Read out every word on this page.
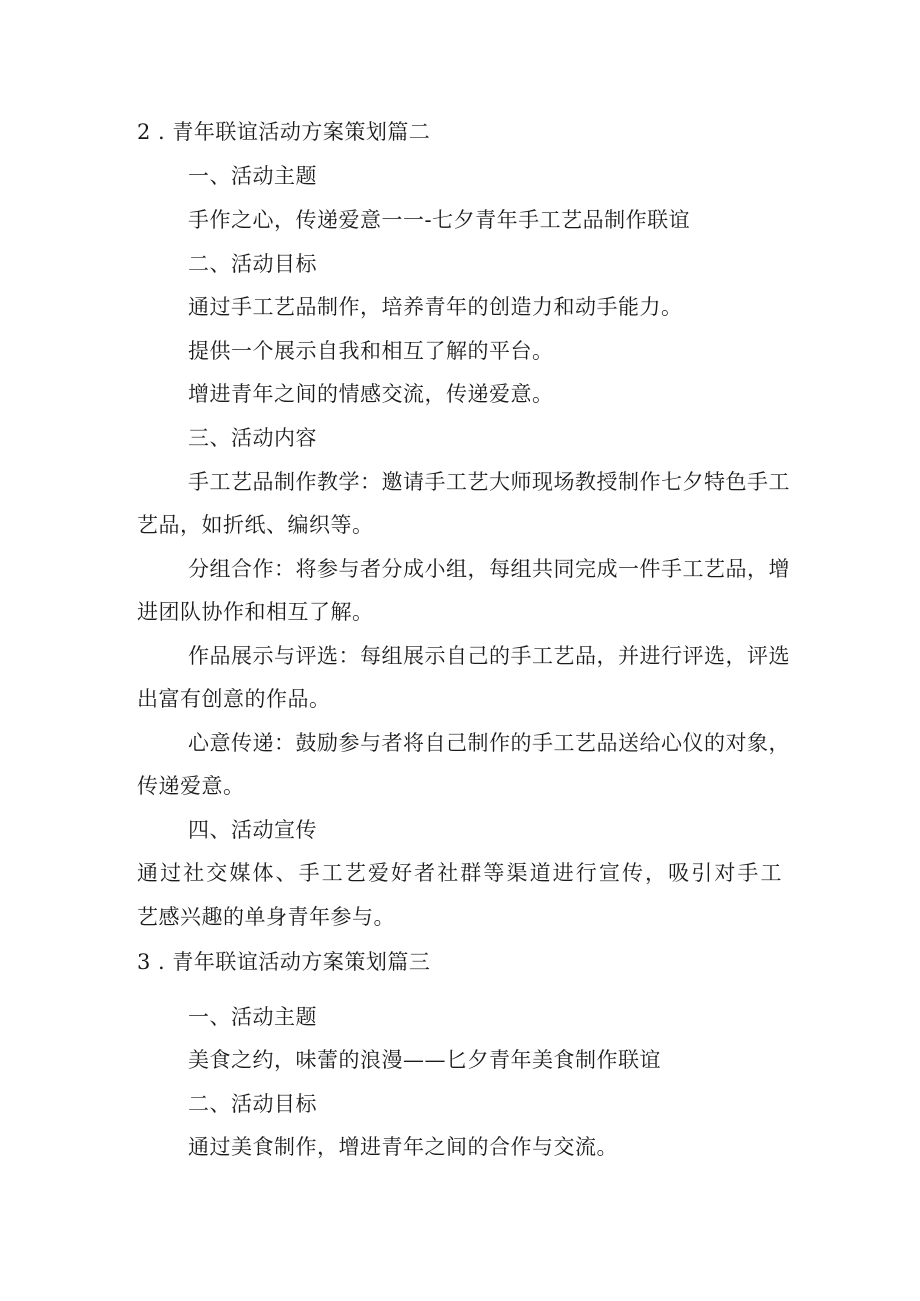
2 . 青年联谊活动方案策划篇二
一、活动主题
手作之心，传递爱意一一-七夕青年手工艺品制作联谊
二、活动目标
通过手工艺品制作，培养青年的创造力和动手能力。
提供一个展示自我和相互了解的平台。
增进青年之间的情感交流，传递爱意。
三、活动内容
手工艺品制作教学：邀请手工艺大师现场教授制作七夕特色手工
艺品，如折纸、编织等。
分组合作：将参与者分成小组，每组共同完成一件手工艺品，增
进团队协作和相互了解。
作品展示与评选：每组展示自己的手工艺品，并进行评选，评选
出富有创意的作品。
心意传递：鼓励参与者将自己制作的手工艺品送给心仪的对象，
传递爱意。
四、活动宣传
通过社交媒体、手工艺爱好者社群等渠道进行宣传，吸引对手工
艺感兴趣的单身青年参与。
3 . 青年联谊活动方案策划篇三
一、活动主题
美食之约，味蕾的浪漫——匕夕青年美食制作联谊
二、活动目标
通过美食制作，增进青年之间的合作与交流。
